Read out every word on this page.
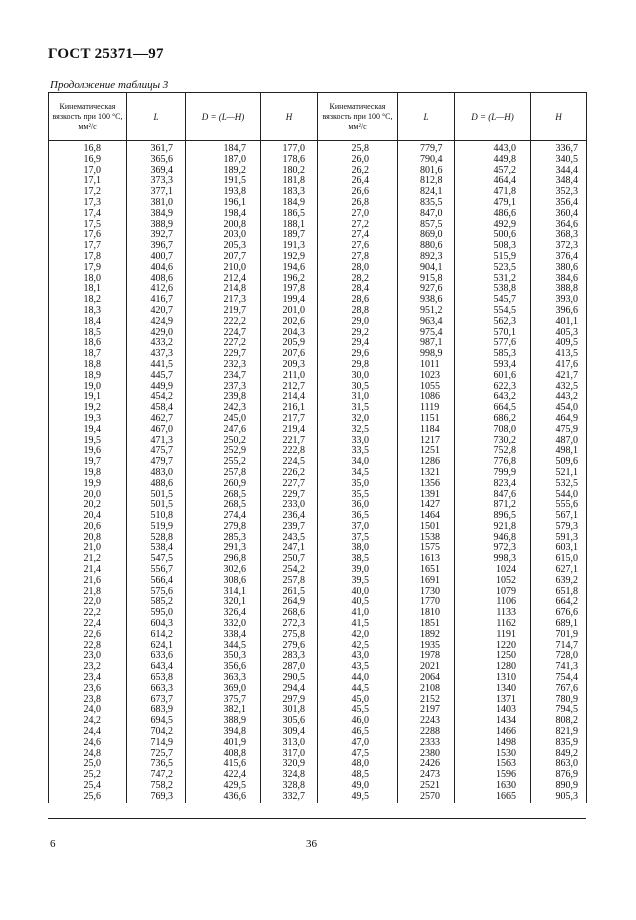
ГОСТ 25371—97
Продолжение таблицы 3
Кинематическая вязкость при 100 °С, мм²/с	L	D = (L—H)	H	Кинематическая вязкость при 100 °С, мм²/с	L	D = (L—H)	H
16,8	361,7	184,7	177,0	25,8	779,7	443,0	336,7
16,9	365,6	187,0	178,6	26,0	790,4	449,8	340,5
17,0	369,4	189,2	180,2	26,2	801,6	457,2	344,4
17,1	373,3	191,5	181,8	26,4	812,8	464,4	348,4
17,2	377,1	193,8	183,3	26,6	824,1	471,8	352,3
17,3	381,0	196,1	184,9	26,8	835,5	479,1	356,4
17,4	384,9	198,4	186,5	27,0	847,0	486,6	360,4
17,5	388,9	200,8	188,1	27,2	857,5	492,9	364,6
17,6	392,7	203,0	189,7	27,4	869,0	500,6	368,3
17,7	396,7	205,3	191,3	27,6	880,6	508,3	372,3
17,8	400,7	207,7	192,9	27,8	892,3	515,9	376,4
17,9	404,6	210,0	194,6	28,0	904,1	523,5	380,6
18,0	408,6	212,4	196,2	28,2	915,8	531,2	384,6
18,1	412,6	214,8	197,8	28,4	927,6	538,8	388,8
18,2	416,7	217,3	199,4	28,6	938,6	545,7	393,0
18,3	420,7	219,7	201,0	28,8	951,2	554,5	396,6
18,4	424,9	222,2	202,6	29,0	963,4	562,3	401,1
18,5	429,0	224,7	204,3	29,2	975,4	570,1	405,3
18,6	433,2	227,2	205,9	29,4	987,1	577,6	409,5
18,7	437,3	229,7	207,6	29,6	998,9	585,3	413,5
18,8	441,5	232,3	209,3	29,8	1011	593,4	417,6
18,9	445,7	234,7	211,0	30,0	1023	601,6	421,7
19,0	449,9	237,3	212,7	30,5	1055	622,3	432,5
19,1	454,2	239,8	214,4	31,0	1086	643,2	443,2
19,2	458,4	242,3	216,1	31,5	1119	664,5	454,0
19,3	462,7	245,0	217,7	32,0	1151	686,2	464,9
19,4	467,0	247,6	219,4	32,5	1184	708,0	475,9
19,5	471,3	250,2	221,7	33,0	1217	730,2	487,0
19,6	475,7	252,9	222,8	33,5	1251	752,8	498,1
19,7	479,7	255,2	224,5	34,0	1286	776,8	509,6
19,8	483,0	257,8	226,2	34,5	1321	799,9	521,1
19,9	488,6	260,9	227,7	35,0	1356	823,4	532,5
20,0	501,5	268,5	229,7	35,5	1391	847,6	544,0
20,2	501,5	268,5	233,0	36,0	1427	871,2	555,6
20,4	510,8	274,4	236,4	36,5	1464	896,5	567,1
20,6	519,9	279,8	239,7	37,0	1501	921,8	579,3
20,8	528,8	285,3	243,5	37,5	1538	946,8	591,3
21,0	538,4	291,3	247,1	38,0	1575	972,3	603,1
21,2	547,5	296,8	250,7	38,5	1613	998,3	615,0
21,4	556,7	302,6	254,2	39,0	1651	1024	627,1
21,6	566,4	308,6	257,8	39,5	1691	1052	639,2
21,8	575,6	314,1	261,5	40,0	1730	1079	651,8
22,0	585,2	320,1	264,9	40,5	1770	1106	664,2
22,2	595,0	326,4	268,6	41,0	1810	1133	676,6
22,4	604,3	332,0	272,3	41,5	1851	1162	689,1
22,6	614,2	338,4	275,8	42,0	1892	1191	701,9
22,8	624,1	344,5	279,6	42,5	1935	1220	714,7
23,0	633,6	350,3	283,3	43,0	1978	1250	728,0
23,2	643,4	356,6	287,0	43,5	2021	1280	741,3
23,4	653,8	363,3	290,5	44,0	2064	1310	754,4
23,6	663,3	369,0	294,4	44,5	2108	1340	767,6
23,8	673,7	375,7	297,9	45,0	2152	1371	780,9
24,0	683,9	382,1	301,8	45,5	2197	1403	794,5
24,2	694,5	388,9	305,6	46,0	2243	1434	808,2
24,4	704,2	394,8	309,4	46,5	2288	1466	821,9
24,6	714,9	401,9	313,0	47,0	2333	1498	835,9
24,8	725,7	408,8	317,0	47,5	2380	1530	849,2
25,0	736,5	415,6	320,9	48,0	2426	1563	863,0
25,2	747,2	422,4	324,8	48,5	2473	1596	876,9
25,4	758,2	429,5	328,8	49,0	2521	1630	890,9
25,6	769,3	436,6	332,7	49,5	2570	1665	905,3
6	36
